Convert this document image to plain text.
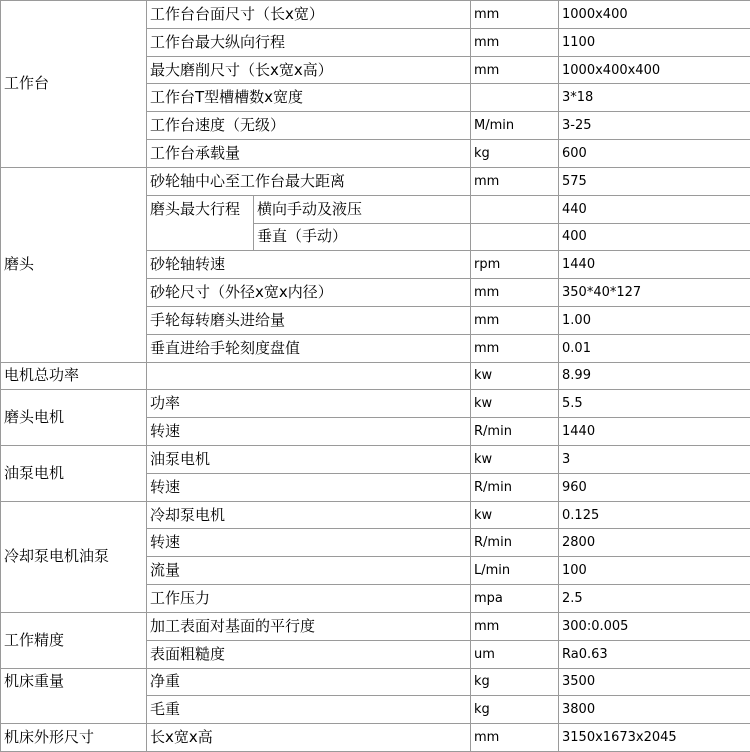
工作台	工作台台面尺寸（长x宽）		mm	1000x400
	工作台最大纵向行程		mm	1100
	最大磨削尺寸（长x宽x高）		mm	1000x400x400
	工作台T型槽槽数x宽度			3*18
	工作台速度（无级）		M/min	3-25
	工作台承载量		kg	600
磨头	砂轮轴中心至工作台最大距离		mm	575
	磨头最大行程	横向手动及液压		440
		垂直（手动）		400
	砂轮轴转速		rpm	1440
	砂轮尺寸（外径x宽x内径）		mm	350*40*127
	手轮每转磨头进给量		mm	1.00
	垂直进给手轮刻度盘值		mm	0.01
电机总功率			kw	8.99
磨头电机	功率		kw	5.5
	转速		R/min	1440
油泵电机	油泵电机		kw	3
	转速		R/min	960
冷却泵电机油泵	冷却泵电机		kw	0.125
	转速		R/min	2800
	流量		L/min	100
	工作压力		mpa	2.5
工作精度	加工表面对基面的平行度		mm	300:0.005
	表面粗糙度		um	Ra0.63
机床重量	净重		kg	3500
	毛重		kg	3800
机床外形尺寸	长x宽x高		mm	3150x1673x2045
